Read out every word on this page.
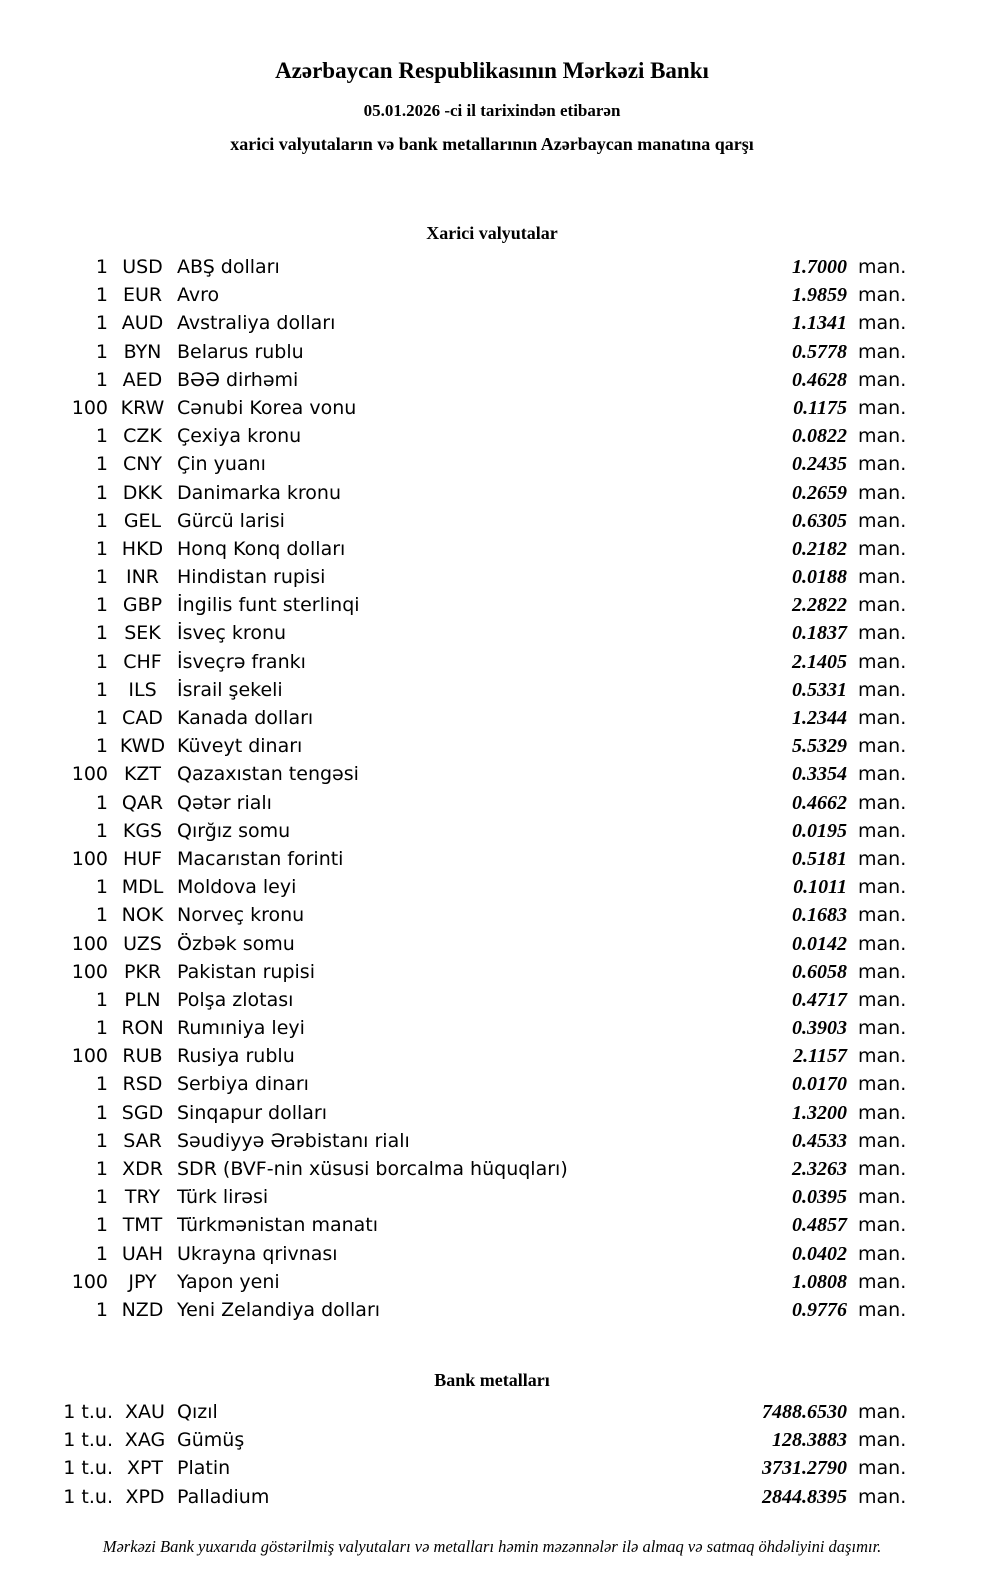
Azərbaycan Respublikasının Mərkəzi Bankı
05.01.2026 -ci il tarixindən etibarən
xarici valyutaların və bank metallarının Azərbaycan manatına qarşı
Xarici valyutalar
1 USD ABŞ dolları	1.7000 man.
1 EUR Avro	1.9859 man.
1 AUD Avstraliya dolları	1.1341 man.
1 BYN Belarus rublu	0.5778 man.
1 AED BƏƏ dirhəmi	0.4628 man.
100 KRW Cənubi Korea vonu	0.1175 man.
1 CZK Çexiya kronu	0.0822 man.
1 CNY Çin yuanı	0.2435 man.
1 DKK Danimarka kronu	0.2659 man.
1 GEL Gürcü larisi	0.6305 man.
1 HKD Honq Konq dolları	0.2182 man.
1 INR Hindistan rupisi	0.0188 man.
1 GBP İngilis funt sterlinqi	2.2822 man.
1 SEK İsveç kronu	0.1837 man.
1 CHF İsveçrə frankı	2.1405 man.
1	ILS	İsrail şekeli	0.5331 man.
1 CAD Kanada dolları	1.2344 man.
1 KWD Küveyt dinarı	5.5329 man.
100 KZT Qazaxıstan tengəsi	0.3354 man.
1 QAR Qətər rialı	0.4662 man.
1 KGS Qırğız somu	0.0195 man.
100 HUF Macarıstan forinti	0.5181 man.
1 MDL Moldova leyi	0.1011 man.
1 NOK Norveç kronu	0.1683 man.
100 UZS Özbək somu	0.0142 man.
100 PKR Pakistan rupisi	0.6058 man.
1 PLN Polşa zlotası	0.4717 man.
1 RON Rumıniya leyi	0.3903 man.
100 RUB Rusiya rublu	2.1157 man.
1 RSD Serbiya dinarı	0.0170 man.
1 SGD Sinqapur dolları	1.3200 man.
1 SAR Səudiyyə Ərəbistanı rialı	0.4533 man.
1 XDR SDR (BVF-nin xüsusi borcalma hüquqları)	2.3263 man.
1 TRY Türk lirəsi	0.0395 man.
1 TMT Türkmənistan manatı	0.4857 man.
1 UAH Ukrayna qrivnası	0.0402 man.
100	JPY	Yapon yeni	1.0808 man.
1 NZD Yeni Zelandiya dolları	0.9776 man.
Bank metalları
1 t.u. XAU Qızıl	7488.6530 man.
1 t.u. XAG Gümüş	128.3883 man.
1 t.u. XPT Platin	3731.2790 man.
1 t.u. XPD Palladium	2844.8395 man.
Mərkəzi Bank yuxarıda göstərilmiş valyutaları və metalları həmin məzənnələr ilə almaq və satmaq öhdəliyini daşımır.
